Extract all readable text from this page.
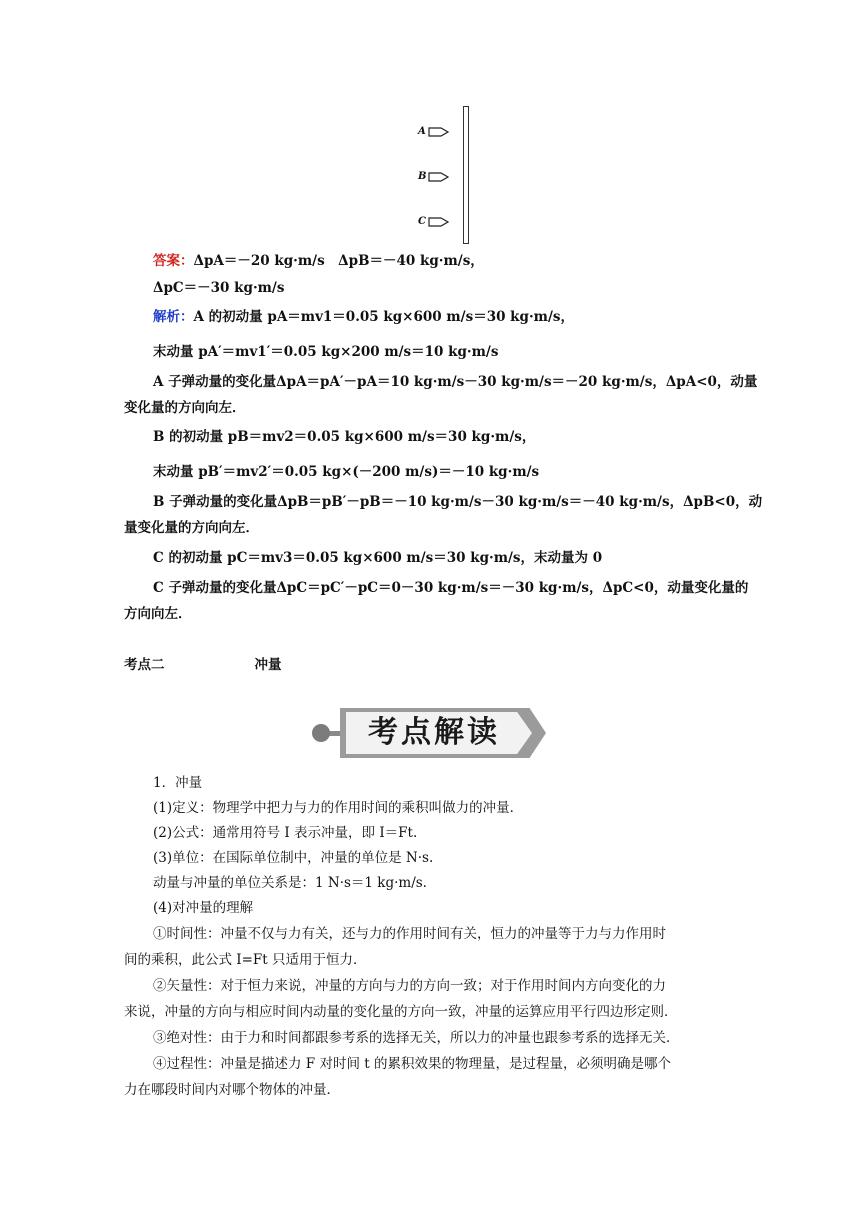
A
B
C
答案：ΔpA＝－20 kg·m/s　ΔpB＝－40 kg·m/s，
ΔpC＝－30 kg·m/s
解析：A 的初动量 pA＝mv1＝0.05 kg×600 m/s＝30 kg·m/s，
末动量 pA′＝mv1′＝0.05 kg×200 m/s＝10 kg·m/s
A 子弹动量的变化量ΔpA＝pA′－pA＝10 kg·m/s－30 kg·m/s＝－20 kg·m/s，ΔpA<0，动量
变化量的方向向左．
B 的初动量 pB＝mv2＝0.05 kg×600 m/s＝30 kg·m/s，
末动量 pB′＝mv2′＝0.05 kg×(－200 m/s)＝－10 kg·m/s
B 子弹动量的变化量ΔpB＝pB′－pB＝－10 kg·m/s－30 kg·m/s＝－40 kg·m/s，ΔpB<0，动
量变化量的方向向左．
C 的初动量 pC＝mv3＝0.05 kg×600 m/s＝30 kg·m/s，末动量为 0
C 子弹动量的变化量ΔpC＝pC′－pC＝0－30 kg·m/s＝－30 kg·m/s，ΔpC<0，动量变化量的
方向向左．
考点二	冲量
考点解读
1．冲量
(1)定义：物理学中把力与力的作用时间的乘积叫做力的冲量．
(2)公式：通常用符号 I 表示冲量，即 I＝Ft.
(3)单位：在国际单位制中，冲量的单位是 N·s.
动量与冲量的单位关系是：1 N·s＝1 kg·m/s.
(4)对冲量的理解
①时间性：冲量不仅与力有关，还与力的作用时间有关，恒力的冲量等于力与力作用时
间的乘积，此公式 I=Ft 只适用于恒力．
②矢量性：对于恒力来说，冲量的方向与力的方向一致；对于作用时间内方向变化的力
来说，冲量的方向与相应时间内动量的变化量的方向一致，冲量的运算应用平行四边形定则．
③绝对性：由于力和时间都跟参考系的选择无关，所以力的冲量也跟参考系的选择无关．
④过程性：冲量是描述力 F 对时间 t 的累积效果的物理量，是过程量，必须明确是哪个
力在哪段时间内对哪个物体的冲量．
